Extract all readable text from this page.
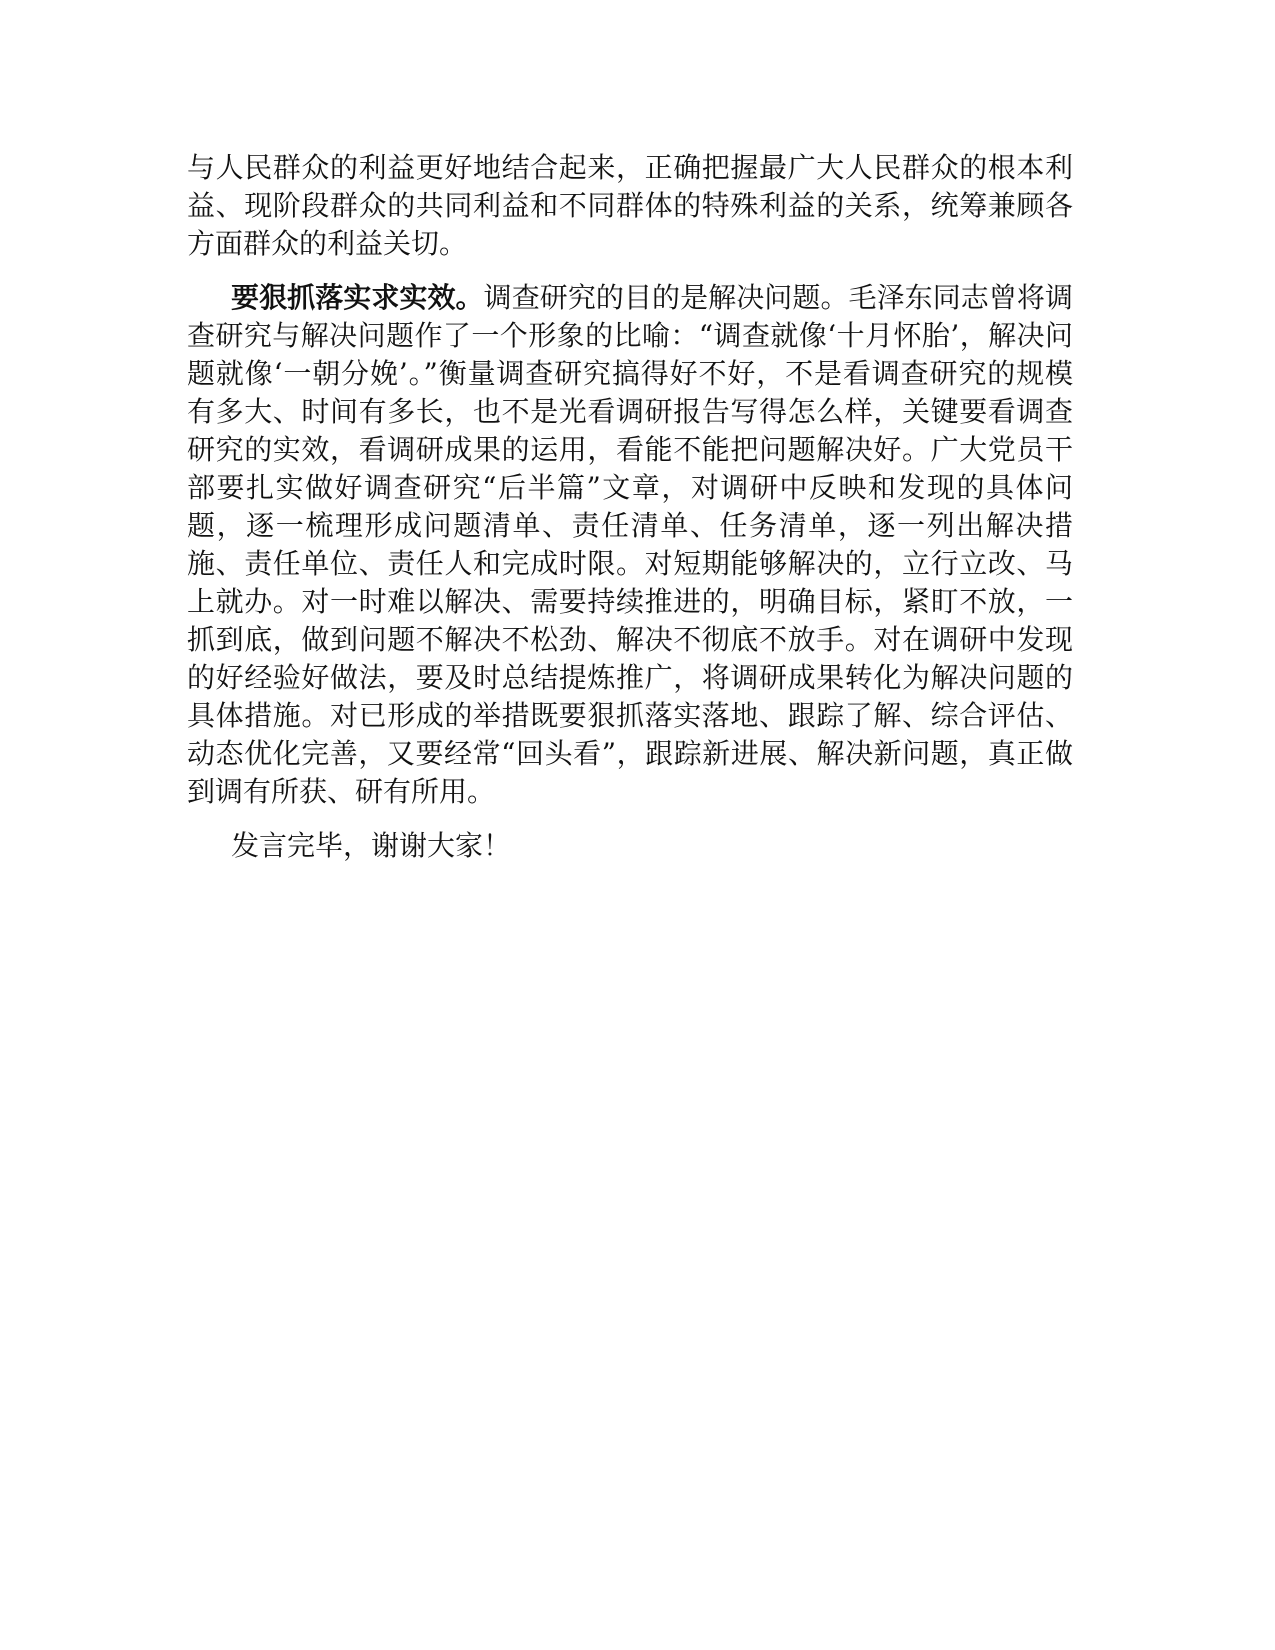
与人民群众的利益更好地结合起来，正确把握最广大人民群众的根本利益、现阶段群众的共同利益和不同群体的特殊利益的关系，统筹兼顾各方面群众的利益关切。

要狠抓落实求实效。调查研究的目的是解决问题。毛泽东同志曾将调查研究与解决问题作了一个形象的比喻：“调查就像‘十月怀胎’，解决问题就像‘一朝分娩’。”衡量调查研究搞得好不好，不是看调查研究的规模有多大、时间有多长，也不是光看调研报告写得怎么样，关键要看调查研究的实效，看调研成果的运用，看能不能把问题解决好。广大党员干部要扎实做好调查研究“后半篇”文章，对调研中反映和发现的具体问题，逐一梳理形成问题清单、责任清单、任务清单，逐一列出解决措施、责任单位、责任人和完成时限。对短期能够解决的，立行立改、马上就办。对一时难以解决、需要持续推进的，明确目标，紧盯不放，一抓到底，做到问题不解决不松劲、解决不彻底不放手。对在调研中发现的好经验好做法，要及时总结提炼推广，将调研成果转化为解决问题的具体措施。对已形成的举措既要狠抓落实落地、跟踪了解、综合评估、动态优化完善，又要经常“回头看”，跟踪新进展、解决新问题，真正做到调有所获、研有所用。

发言完毕，谢谢大家！
